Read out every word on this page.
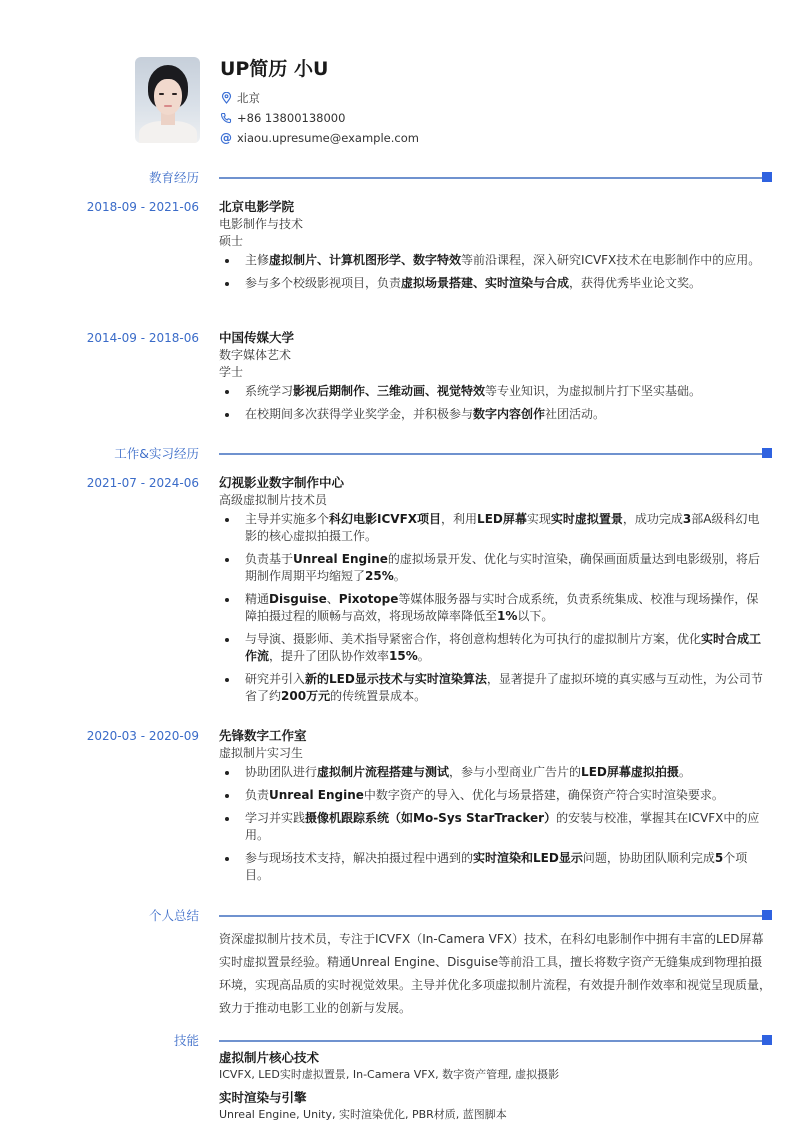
UP简历 小U
北京
+86 13800138000
@ xiaou.upresume@example.com
教育经历
2018-09 - 2021-06 北京电影学院
电影制作与技术
硕士
主修虚拟制片、计算机图形学、数字特效等前沿课程，深入研究ICVFX技术在电影制作中的应用。
参与多个校级影视项目，负责虚拟场景搭建、实时渲染与合成，获得优秀毕业论文奖。
2014-09 - 2018-06 中国传媒大学
数字媒体艺术
学士
系统学习影视后期制作、三维动画、视觉特效等专业知识，为虚拟制片打下坚实基础。
在校期间多次获得学业奖学金，并积极参与数字内容创作社团活动。
工作&实习经历
2021-07 - 2024-06 幻视影业数字制作中心
高级虚拟制片技术员
主导并实施多个科幻电影ICVFX项目，利用LED屏幕实现实时虚拟置景，成功完成3部A级科幻电影的核心虚拟拍摄工作。
负责基于Unreal Engine的虚拟场景开发、优化与实时渲染，确保画面质量达到电影级别，将后期制作周期平均缩短了25%。
精通Disguise、Pixotope等媒体服务器与实时合成系统，负责系统集成、校准与现场操作，保障拍摄过程的顺畅与高效，将现场故障率降低至1%以下。
与导演、摄影师、美术指导紧密合作，将创意构想转化为可执行的虚拟制片方案，优化实时合成工作流，提升了团队协作效率15%。
研究并引入新的LED显示技术与实时渲染算法，显著提升了虚拟环境的真实感与互动性，为公司节省了约200万元的传统置景成本。
2020-03 - 2020-09 先锋数字工作室
虚拟制片实习生
协助团队进行虚拟制片流程搭建与测试，参与小型商业广告片的LED屏幕虚拟拍摄。
负责Unreal Engine中数字资产的导入、优化与场景搭建，确保资产符合实时渲染要求。
学习并实践摄像机跟踪系统（如Mo-Sys StarTracker）的安装与校准，掌握其在ICVFX中的应用。
参与现场技术支持，解决拍摄过程中遇到的实时渲染和LED显示问题，协助团队顺利完成5个项目。
个人总结
资深虚拟制片技术员，专注于ICVFX（In-Camera VFX）技术，在科幻电影制作中拥有丰富的LED屏幕实时虚拟置景经验。精通Unreal Engine、Disguise等前沿工具，擅长将数字资产无缝集成到物理拍摄环境，实现高品质的实时视觉效果。主导并优化多项虚拟制片流程，有效提升制作效率和视觉呈现质量，致力于推动电影工业的创新与发展。
技能
虚拟制片核心技术
ICVFX, LED实时虚拟置景, In-Camera VFX, 数字资产管理, 虚拟摄影
实时渲染与引擎
Unreal Engine, Unity, 实时渲染优化, PBR材质, 蓝图脚本
